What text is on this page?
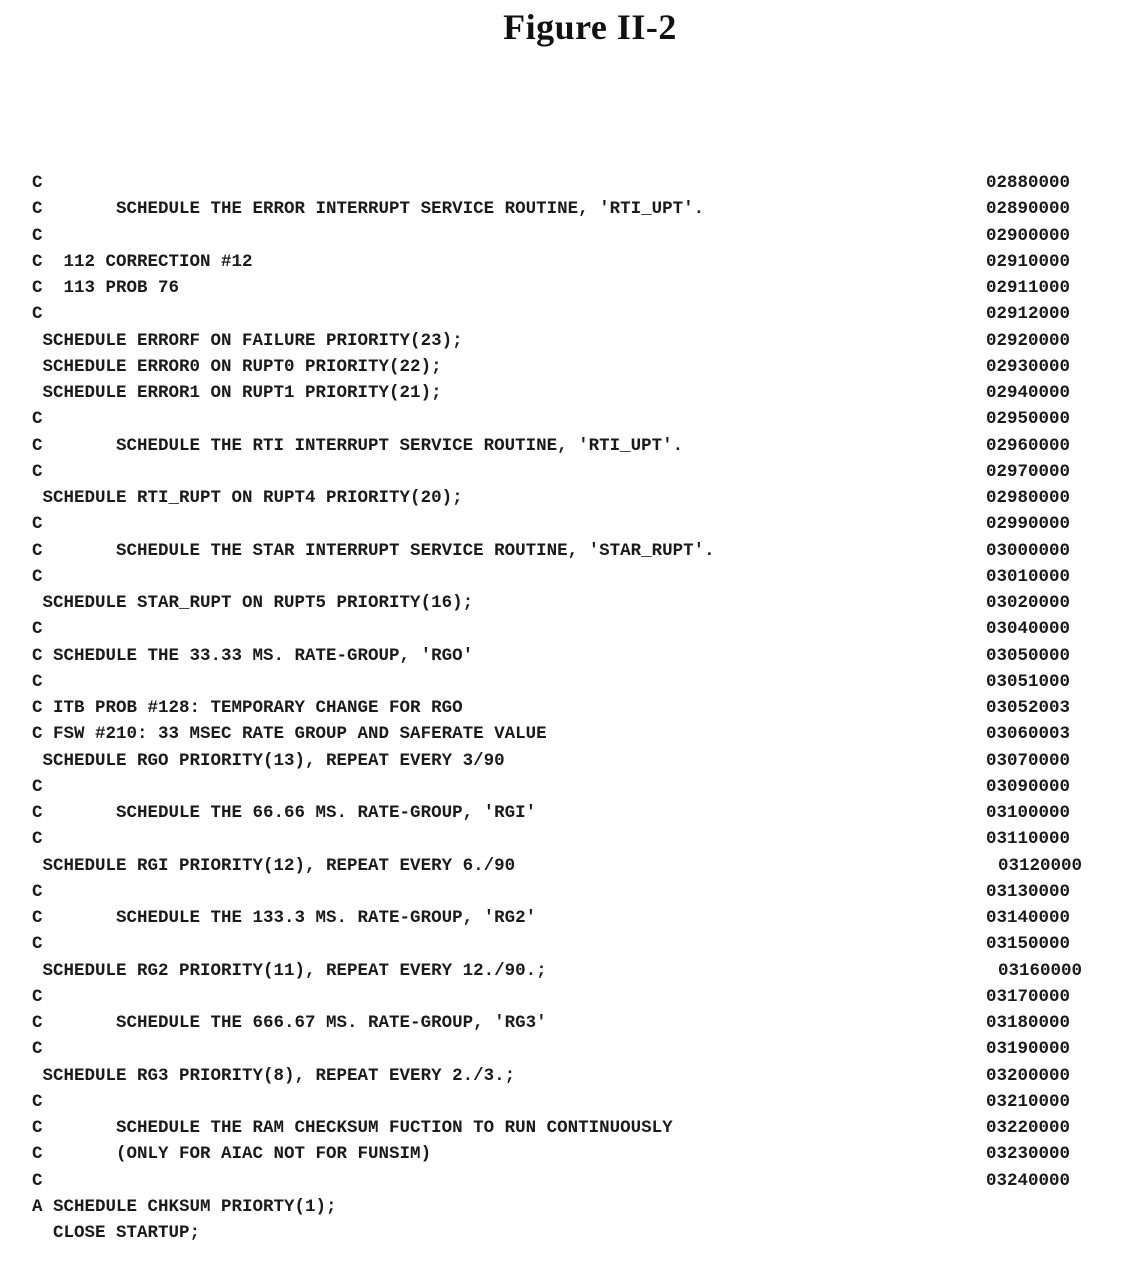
Figure II-2
C	02880000
C       SCHEDULE THE ERROR INTERRUPT SERVICE ROUTINE, 'RTI_UPT'.	02890000
C	02900000
C  112 CORRECTION #12	02910000
C  113 PROB 76	02911000
C	02912000
SCHEDULE ERRORF ON FAILURE PRIORITY(23);	02920000
SCHEDULE ERROR0 ON RUPT0 PRIORITY(22);	02930000
SCHEDULE ERROR1 ON RUPT1 PRIORITY(21);	02940000
C	02950000
C       SCHEDULE THE RTI INTERRUPT SERVICE ROUTINE, 'RTI_UPT'.	02960000
C	02970000
SCHEDULE RTI_RUPT ON RUPT4 PRIORITY(20);	02980000
C	02990000
C       SCHEDULE THE STAR INTERRUPT SERVICE ROUTINE, 'STAR_RUPT'.	03000000
C	03010000
SCHEDULE STAR_RUPT ON RUPT5 PRIORITY(16);	03020000
C	03040000
C SCHEDULE THE 33.33 MS. RATE-GROUP, 'RGO'	03050000
C	03051000
C ITB PROB #128: TEMPORARY CHANGE FOR RGO	03052003
C FSW #210: 33 MSEC RATE GROUP AND SAFERATE VALUE	03060003
SCHEDULE RGO PRIORITY(13), REPEAT EVERY 3/90	03070000
C	03090000
C       SCHEDULE THE 66.66 MS. RATE-GROUP, 'RGI'	03100000
C	03110000
SCHEDULE RGI PRIORITY(12), REPEAT EVERY 6./90	03120000
C	03130000
C       SCHEDULE THE 133.3 MS. RATE-GROUP, 'RG2'	03140000
C	03150000
SCHEDULE RG2 PRIORITY(11), REPEAT EVERY 12./90.;	03160000
C	03170000
C       SCHEDULE THE 666.67 MS. RATE-GROUP, 'RG3'	03180000
C	03190000
SCHEDULE RG3 PRIORITY(8), REPEAT EVERY 2./3.;	03200000
C	03210000
C       SCHEDULE THE RAM CHECKSUM FUCTION TO RUN CONTINUOUSLY	03220000
C       (ONLY FOR AIAC NOT FOR FUNSIM)	03230000
C	03240000
A SCHEDULE CHKSUM PRIORTY(1);
CLOSE STARTUP;
